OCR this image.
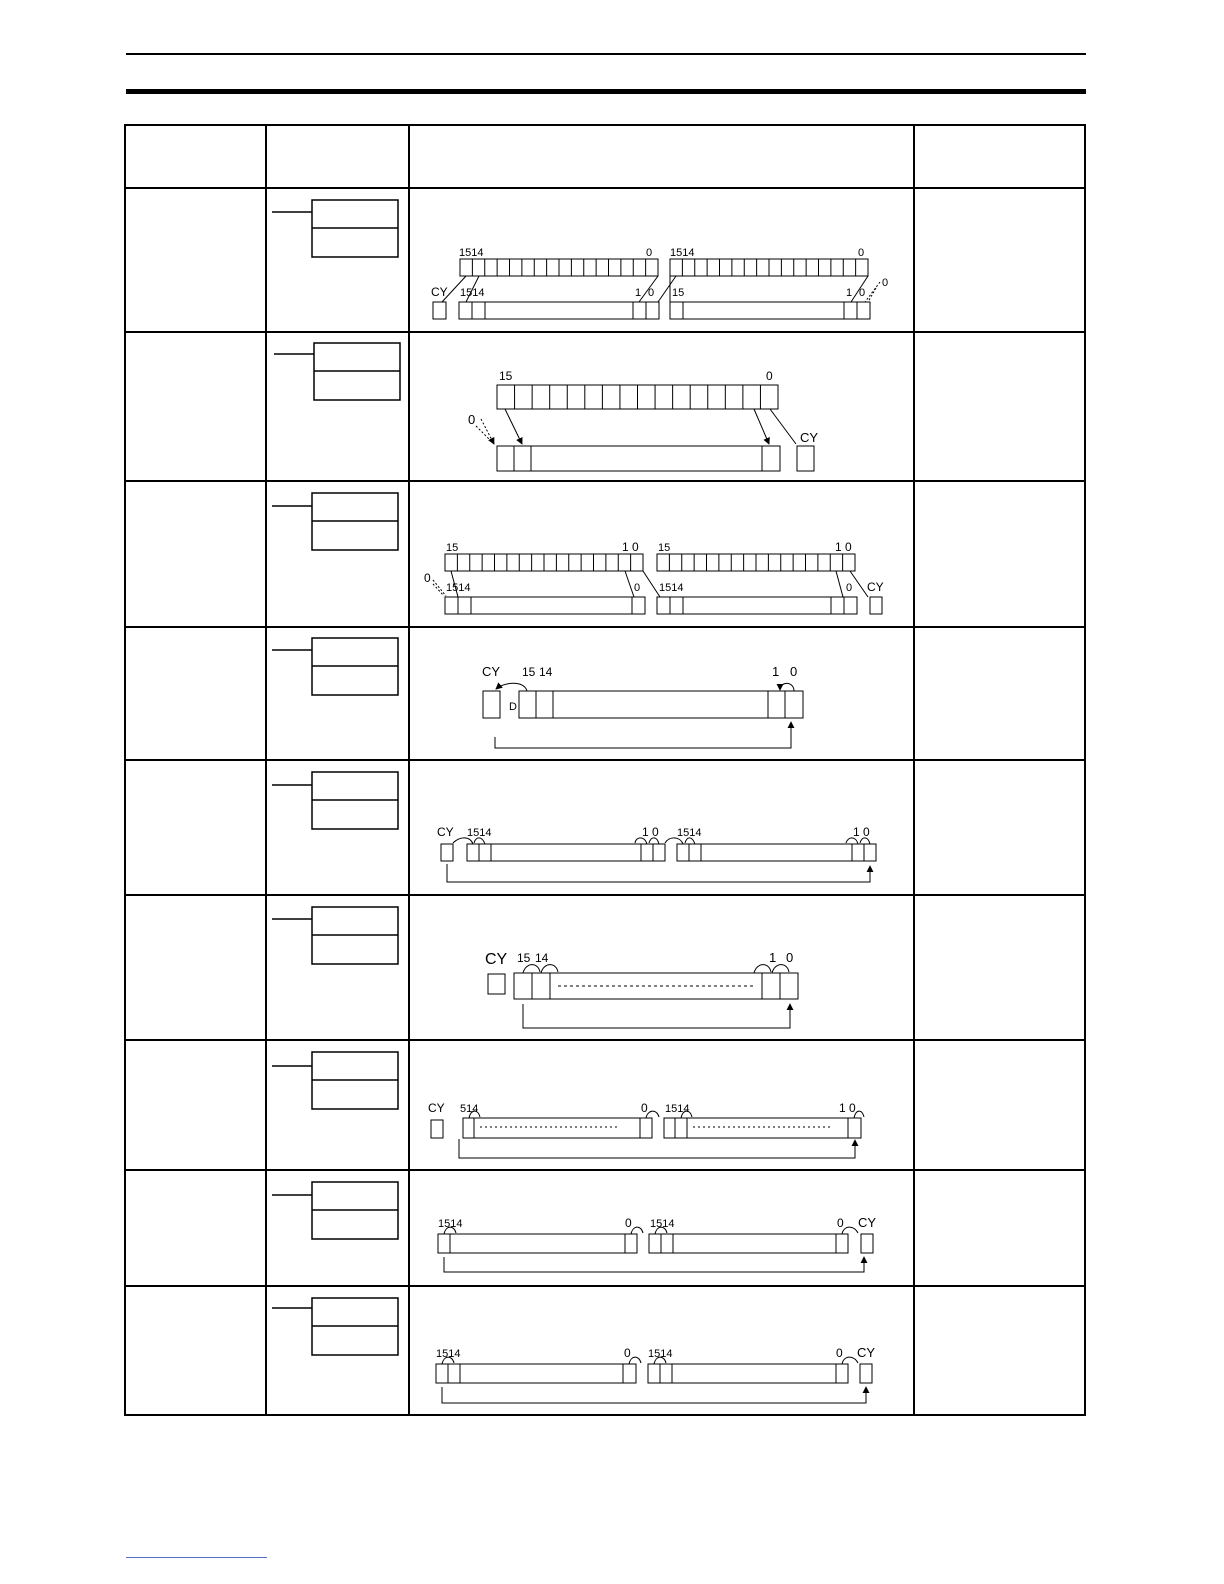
CY
1514	0 1514	0
1514	1 0 15	1 0
0
15	0
0
CY
15	1 0 15	1 0
0
1514	0 1514	0 CY
CY 15 14	1 0
D
CY 1514	1 0 1514	1 0
CY 15 14	1 0
CY 514	0 1514	1 0
1514	0 1514	0 CY
1514	0 1514	0 CY
